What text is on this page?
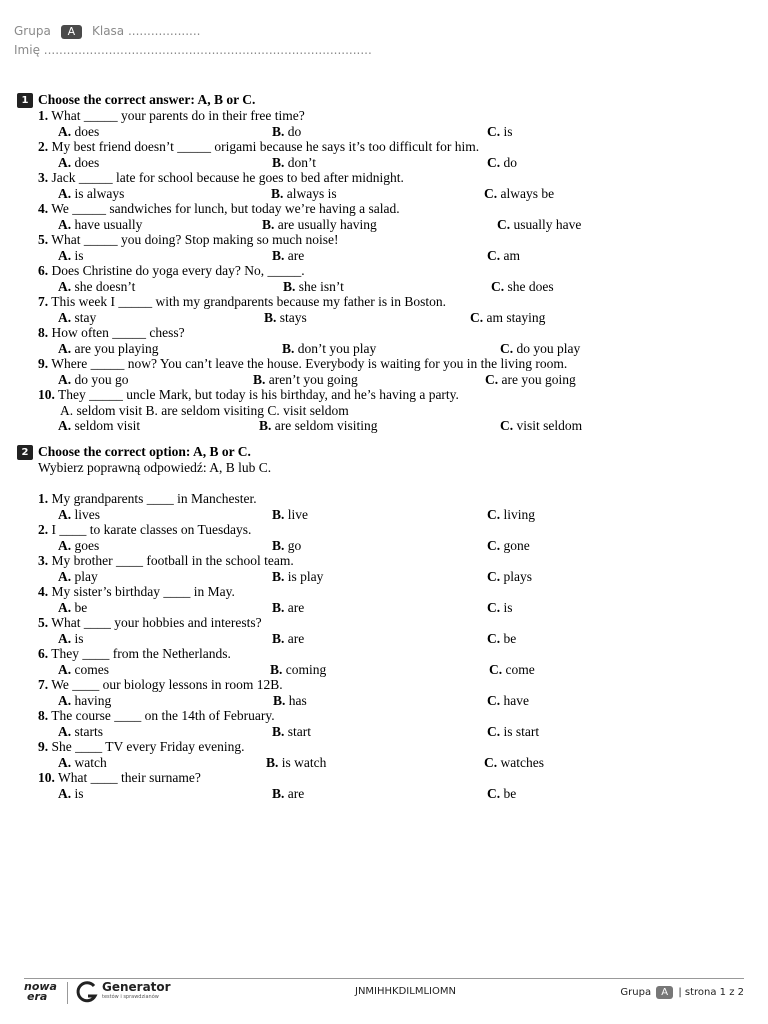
Grupa A Klasa ...................
Imię ......................................................................................
1 Choose the correct answer: A, B or C.
1. What _____ your parents do in their free time?
A. does	B. do	C. is
2. My best friend doesn’t _____ origami because he says it’s too difficult for him.
A. does	B. don’t	C. do
3. Jack _____ late for school because he goes to bed after midnight.
A. is always	B. always is	C. always be
4. We _____ sandwiches for lunch, but today we’re having a salad.
A. have usually	B. are usually having	C. usually have
5. What _____ you doing? Stop making so much noise!
A. is	B. are	C. am
6. Does Christine do yoga every day? No, _____.
A. she doesn’t	B. she isn’t	C. she does
7. This week I _____ with my grandparents because my father is in Boston.
A. stay	B. stays	C. am staying
8. How often _____ chess?
A. are you playing	B. don’t you play	C. do you play
9. Where _____ now? You can’t leave the house. Everybody is waiting for you in the living room.
A. do you go	B. aren’t you going	C. are you going
10. They _____ uncle Mark, but today is his birthday, and he’s having a party.
A. seldom visit B. are seldom visiting C. visit seldom
A. seldom visit	B. are seldom visiting	C. visit seldom
2 Choose the correct option: A, B or C.
Wybierz poprawną odpowiedź: A, B lub C.
1. My grandparents ____ in Manchester.
A. lives	B. live	C. living
2. I ____ to karate classes on Tuesdays.
A. goes	B. go	C. gone
3. My brother ____ football in the school team.
A. play	B. is play	C. plays
4. My sister’s birthday ____ in May.
A. be	B. are	C. is
5. What ____ your hobbies and interests?
A. is	B. are	C. be
6. They ____ from the Netherlands.
A. comes	B. coming	C. come
7. We ____ our biology lessons in room 12B.
A. having	B. has	C. have
8. The course ____ on the 14th of February.
A. starts	B. start	C. is start
9. She ____ TV every Friday evening.
A. watch	B. is watch	C. watches
10. What ____ their surname?
A. is	B. are	C. be
nowa
era
Generator
testów i sprawdzianów	JNMIHHKDILMLIOMN	Grupa A | strona 1 z 2
